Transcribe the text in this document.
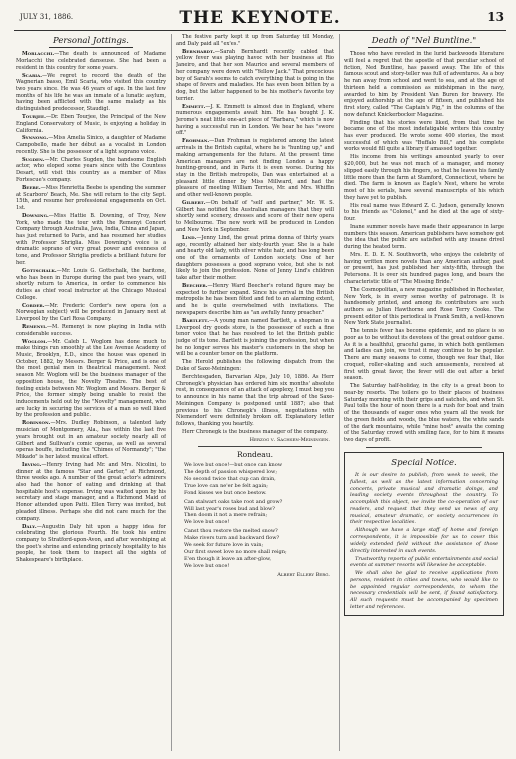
JULY 31, 1886.	THE KEYNOTE.	13
Personal Jottings.

Morlacchi.—The death is announced of Madame Morlacchi the celebrated danseuse. She had been a resident in this country for some years.

Scaria.—We regret to record the death of the Wagnerian basso, Emil Scaria, who visited this country two years since. He was 46 years of age. In the last few months of his life he was an inmate of a lunatic asylum, having been afflicted with the same malady as his distinguished predecessor, Staudigl.

Tourjee.—Dr. Eben Tourjee, the Principal of the New England Conservatory of Music, is enjoying a holiday in California.

Synnong.—Miss Amelia Sinico, a daughter of Madame Campobello, made her début as a vocalist in London recently. She is the possessor of a light soprano voice.

Sugden.—Mr. Charles Sugden, the handsome English actor, who eloped some years since with the Countess Desart, will visit this country as a member of Miss Fortescue's company.

Beebe.—Miss Henrietta Beebe is spending the summer at Scarboro' Beach, Me. She will return to the city Sept. 15th, and resume her professional engagements on Oct. 1st.

Downing.—Miss Hattie B. Downing, of Troy, New York, who made the tour with the Remenyi Concert Company through Australia, Java, India, China and Japan, has just returned to Paris, and has resumed her studies with Professor Shriglia. Miss Downing's voice is a dramatic soprano of very great power and evenness of tone, and Professor Shriglia predicts a brilliant future for her.

Gottschalk.—Mr. Louis G. Gottschalk, the baritone, who has been in Europe during the past two years, will shortly return to America, in order to commence his duties as chief vocal instructor at the Chicago Musical College.

Corder.—Mr. Frederic Corder's new opera (on a Norwegian subject) will be produced in January next at Liverpool by the Carl Rosa Company.

Remenyi.—M. Remenyi is now playing in India with considerable success.

Woglom.—Mr. Caleb L. Woglom has done much to make things run smoothly at the Lee Avenue Academy of Music, Brooklyn, E.D., since the house was opened in October, 1882, by Messrs. Berger & Price, and is one of the most genial men in theatrical management. Next season Mr. Woglom will be the business manager of the opposition house, the Novelty Theatre. The best of feeling exists between Mr. Woglom and Messrs. Berger & Price, the former simply being unable to resist the inducements held out by the "Novelty" management, who are lucky in securing the services of a man so well liked by the profession and public.

Robinson.—Mrs. Dudley Robinson, a talented lady musician of Montgomery, Ala., has within the last five years brought out in an amateur society nearly all of Gilbert and Sullivan's comic operas, as well as several operas bouffe, including the "Chimes of Normandy"; "the Mikado" is her latest musical effort.

Irving.—Henry Irving had Mr. and Mrs. Nicolini, to dinner at the famous "Star and Garter," at Richmond, three weeks ago. A number of the great actor's admirers also had the honor of eating and drinking at that hospitable host's expense. Irving was waited upon by his secretary and stage manager, and a Richmond Maid of Honor attended upon Patti. Ellen Terry was invited, but pleaded illness. Perhaps she did not care much for the company.

Daly.—Augustin Daly hit upon a happy idea for celebrating the glorious Fourth. He took his entire company to Stratford-upon-Avon, and after worshiping at the poet's shrine and extending princely hospitality to his people, he took them to inspect all the sights of Shakespeare's birthplace.

The festive party kept it up from Saturday till Monday, and Daly paid all "ex'es."

Bernhardt.—Sarah Bernhardt recently cabled that yellow fever was playing havoc with her business at Rio Janeiro, and that her son Maurice and several members of her company were down with "Yellow Jack." That precocious boy of Sarah's seems to catch everything that is going in the shape of fevers and maladies. He has even been bitten by a dog, but the latter happened to be his mother's favorite toy terrier.

Emmett.—J. K. Emmett is almost due in England, where numerous engagements await him. He has bought J. K. Jerome's neat little one-act piece of "Barbara," which is now having a successful run in London. We hear he has "swore off."

Frohman.—Dan Frohman is registered among the latest arrivals in the British capital, where he is "hunting up," and making arrangements for the future. At the present time American managers are not finding London a happy hunting-ground, and in Paris it is even worse. During his stay in the British metropolis, Dan was entertained at a pleasant little dinner by Miss Millward, and had the pleasure of meeting William Terriss, Mr. and Mrs. Whiffin and other well-known people.

Gilbert.—On behalf of "self and partner," Mr. W. S. Gilbert has notified the Australian managers that they will shortly send scenery, dresses and score of their new opera to Melbourne. The new work will be produced in London and New York in September.

Lind.—Jenny Lind, the great prima donna of thirty years ago, recently attained her sixty-fourth year. She is a hale and hearty old lady, with silver white hair, and has long been one of the ornaments of London society. One of her daughters possesses a good soprano voice, but she is not likely to join the profession. None of Jenny Lind's children take after their mother.

Beecher.—Henry Ward Beecher's rotund figure may be expected to further expand. Since his arrival in the British metropolis he has been fêted and fed to an alarming extent, and he is quite overwhelmed with invitations. The newspapers describe him as "an awfully funny preacher."

Bartlett.—A young man named Bartlett, a shopman in a Liverpool dry goods store, is the possessor of such a fine tenor voice that he has resolved to let the British public judge of its tone. Bartlett is joining the profession, but when he no longer serves his master's customers in the shop he will be a counter tenor on the platform.

The Herold publishes the following dispatch from the Duke of Saxe-Meiningen:

Berchtesgaden, Barvarian Alps, July 10, 1886. As Herr Chronegk's physician has ordered him six months' absolute rest, in consequence of an attack of apoplexy, I must beg you to announce in his name that the trip abroad of the Saxe-Meiningen Company is postponed until 1887; also that previous to his Chronegk's illness, negotiations with Niemendorf were definitely broken off. Explanatory letter follows, thanking you heartily.

Herr Chronegk is the business manager of the company.

Herzog v. Sachsen-Meiningen.
Rondeau.
We love but once!—but once can know
The depth of passion whispered low;
No second twice that cup can drain,
True love can ne'er be felt again;
Fond kisses we but once bestow.
Can stalwart oaks take root and grow?
Will last year's roses bud and blow?
Then doom it not a mere refrain;
We love but once!
Canst thou restore the melted snow?
Make rivers turn and backward flow?
We seek for future love in vain;
Our first sweet love no more shall reign;
E'en though it leave an after-glow,
We love but once!
Albert Ellery Berg.
Death of "Nel Buntline."

Those who have reveled in the lurid backwoods literature will feel a regret that the apostle of that peculiar school of fiction, Ned Buntline, has passed away. The life of this famous scout and story-teller was full of adventures. As a boy he ran away from school and went to sea, and at the age of thirteen held a commission as midshipman in the navy, awarded to him by President Van Buren for bravery. He enjoyed authorship at the age of fifteen, and published his first story, called "The Captain's Pig," in the columns of the now defunct Knickerbocker Magazine.

Finding that his stories were liked, from that time he became one of the most indefatigable writers this country has ever produced. He wrote some 400 stories, the most successful of which was "Buffalo Bill," and his complete works would fill quite a library if amassed together.

His income from his writings amounted yearly to over $20,000, but he was not much of a manager, and money slipped easily through his fingers, so that he leaves his family little more than the farm at Stamford, Connecticut, where he died. The farm is known as Eagle's Nest, where he wrote most of his serials, have several manuscripts of his which they have yet to publish.

His real name was Edward Z. C. Judson, generally known to his friends as "Colonel," and he died at the age of sixty-four.

Inane summer novels have made their appearance in large numbers this season. American publishers have somehow got the idea that the public are satisfied with any insane drivel during the heated term.

Mrs. E. D. E. N. Southworth, who enjoys the celebrity of having written more novels than any American author, past or present, has just published her sixty-fifth, through the Petersons. It is over six hundred pages long, and bears the characteristic title of "The Missing Bride."

The Cosmopolitan, a new magazine published in Rochester, New York, is in every sense worthy of patronage. It is handsomely printed, and among its contributors are such authors as Julian Hawthorne and Rose Terry Cooke. The present editor of this periodical is Frank Smith, a well-known New York State journalist.

The tennis fever has become epidemic, and no place is so poor as to be without its devotees of the great outdoor game. As it is a healthful, graceful game, in which both gentlemen and ladies can join, we trust it may continue to be popular. There are many seasons to come, though we fear that, like croquet, roller-skating and such amusements, received at first with great favor, the fever will die out after a brief season.

The Saturday half-holiday, in the city is a great boon to near-by resorts. The toilers go to their places of business Saturday morning with their grips and satchels, and when St. Paul tolls the hour of noon there is a rush for boat and train of the thousands of eager ones who yearn all the week for the green fields and woods, the blue waters, the white sands of the dark mountains, while "mine host" awaits the coming of the Saturday crowd with smiling face, for to him it means two days of profit.

Special Notice.

It is our desire to publish, from week to week, the fullest, as well as the latest information concerning concerts, private musical and dramatic doings, and leading society events throughout the country. To accomplish this object, we invite the co-operation of our readers, and request that they send us news of any musical, amateur dramatic, or society occurrences in their respective localities.

Although we have a large staff of home and foreign correspondents, it is impossible for us to cover this widely extended field without the assistance of those directly interested in such events.

Trustworthy reports of public entertainments and social events at summer resorts will likewise be acceptable.

We shall also be glad to receive applications from persons, resident in cities and towns, who would like to be appointed regular correspondents, to whom the necessary credentials will be sent, if found satisfactory. All such requests must be accompanied by specimen letter and references.
